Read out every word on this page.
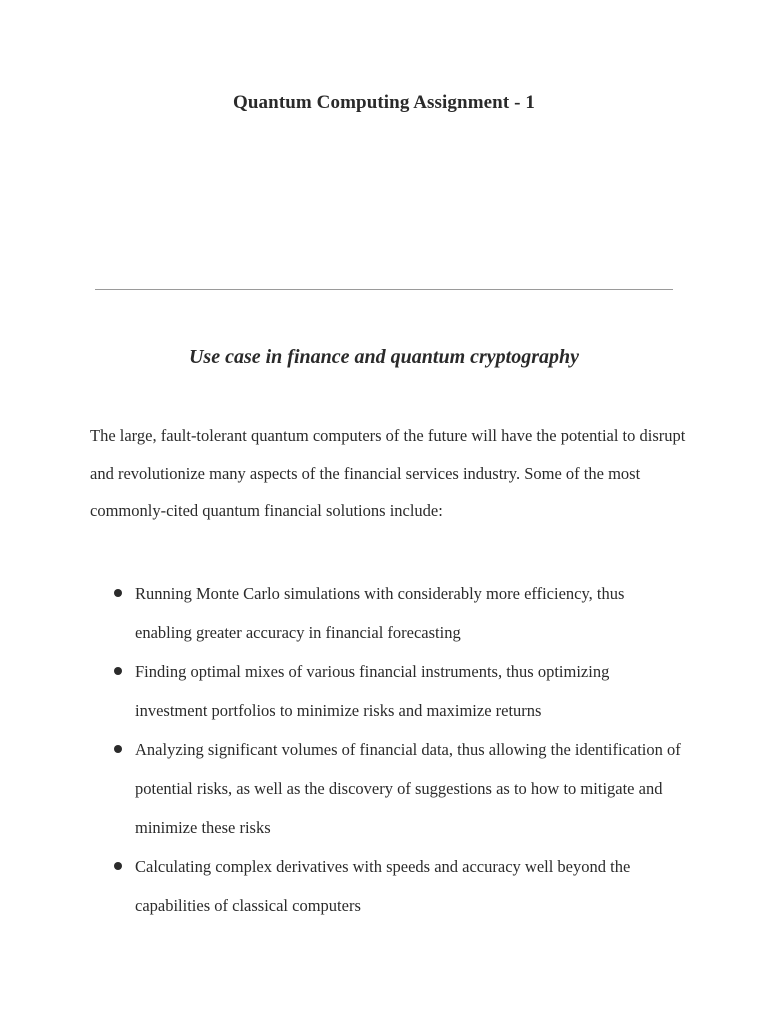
Quantum Computing Assignment - 1
Use case in finance and quantum cryptography

The large, fault-tolerant quantum computers of the future will have the potential to disrupt and revolutionize many aspects of the financial services industry. Some of the most commonly-cited quantum financial solutions include:

Running Monte Carlo simulations with considerably more efficiency, thus enabling greater accuracy in financial forecasting
Finding optimal mixes of various financial instruments, thus optimizing investment portfolios to minimize risks and maximize returns
Analyzing significant volumes of financial data, thus allowing the identification of potential risks, as well as the discovery of suggestions as to how to mitigate and minimize these risks
Calculating complex derivatives with speeds and accuracy well beyond the capabilities of classical computers
